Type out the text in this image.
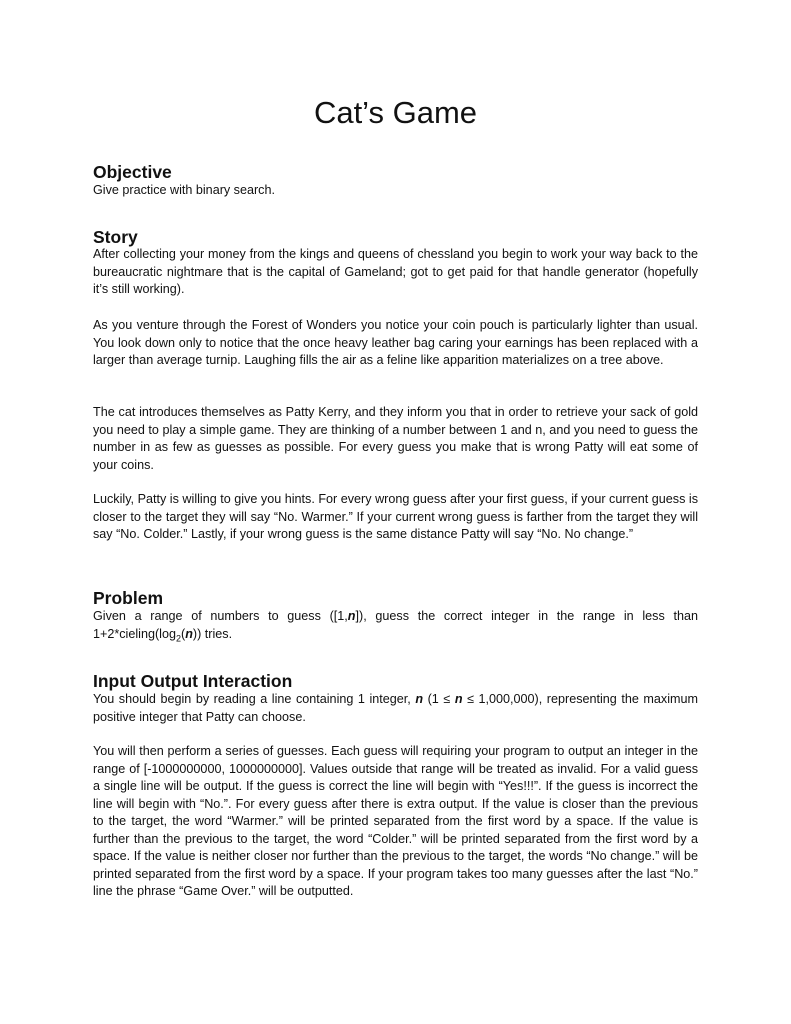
Cat’s Game
Objective

Give practice with binary search.

Story

After collecting your money from the kings and queens of chessland you begin to work your way back to the bureaucratic nightmare that is the capital of Gameland; got to get paid for that handle generator (hopefully it’s still working).

As you venture through the Forest of Wonders you notice your coin pouch is particularly lighter than usual. You look down only to notice that the once heavy leather bag caring your earnings has been replaced with a larger than average turnip. Laughing fills the air as a feline like apparition materializes on a tree above.

The cat introduces themselves as Patty Kerry, and they inform you that in order to retrieve your sack of gold you need to play a simple game. They are thinking of a number between 1 and n, and you need to guess the number in as few as guesses as possible. For every guess you make that is wrong Patty will eat some of your coins.

Luckily, Patty is willing to give you hints. For every wrong guess after your first guess, if your current guess is closer to the target they will say “No. Warmer.” If your current wrong guess is farther from the target they will say “No. Colder.” Lastly, if your wrong guess is the same distance Patty will say “No. No change.”

Problem

Given a range of numbers to guess ([1,n]), guess the correct integer in the range in less than $1+2*cieling(\log_2(n))$ tries.

Input Output Interaction

You should begin by reading a line containing 1 integer, n (1 ≤ n ≤ 1,000,000), representing the maximum positive integer that Patty can choose.

You will then perform a series of guesses. Each guess will requiring your program to output an integer in the range of [-1000000000, 1000000000]. Values outside that range will be treated as invalid. For a valid guess a single line will be output. If the guess is correct the line will begin with “Yes!!!”. If the guess is incorrect the line will begin with “No.”. For every guess after there is extra output. If the value is closer than the previous to the target, the word “Warmer.” will be printed separated from the first word by a space. If the value is further than the previous to the target, the word “Colder.” will be printed separated from the first word by a space. If the value is neither closer nor further than the previous to the target, the words “No change.” will be printed separated from the first word by a space. If your program takes too many guesses after the last “No.” line the phrase “Game Over.” will be outputted.
